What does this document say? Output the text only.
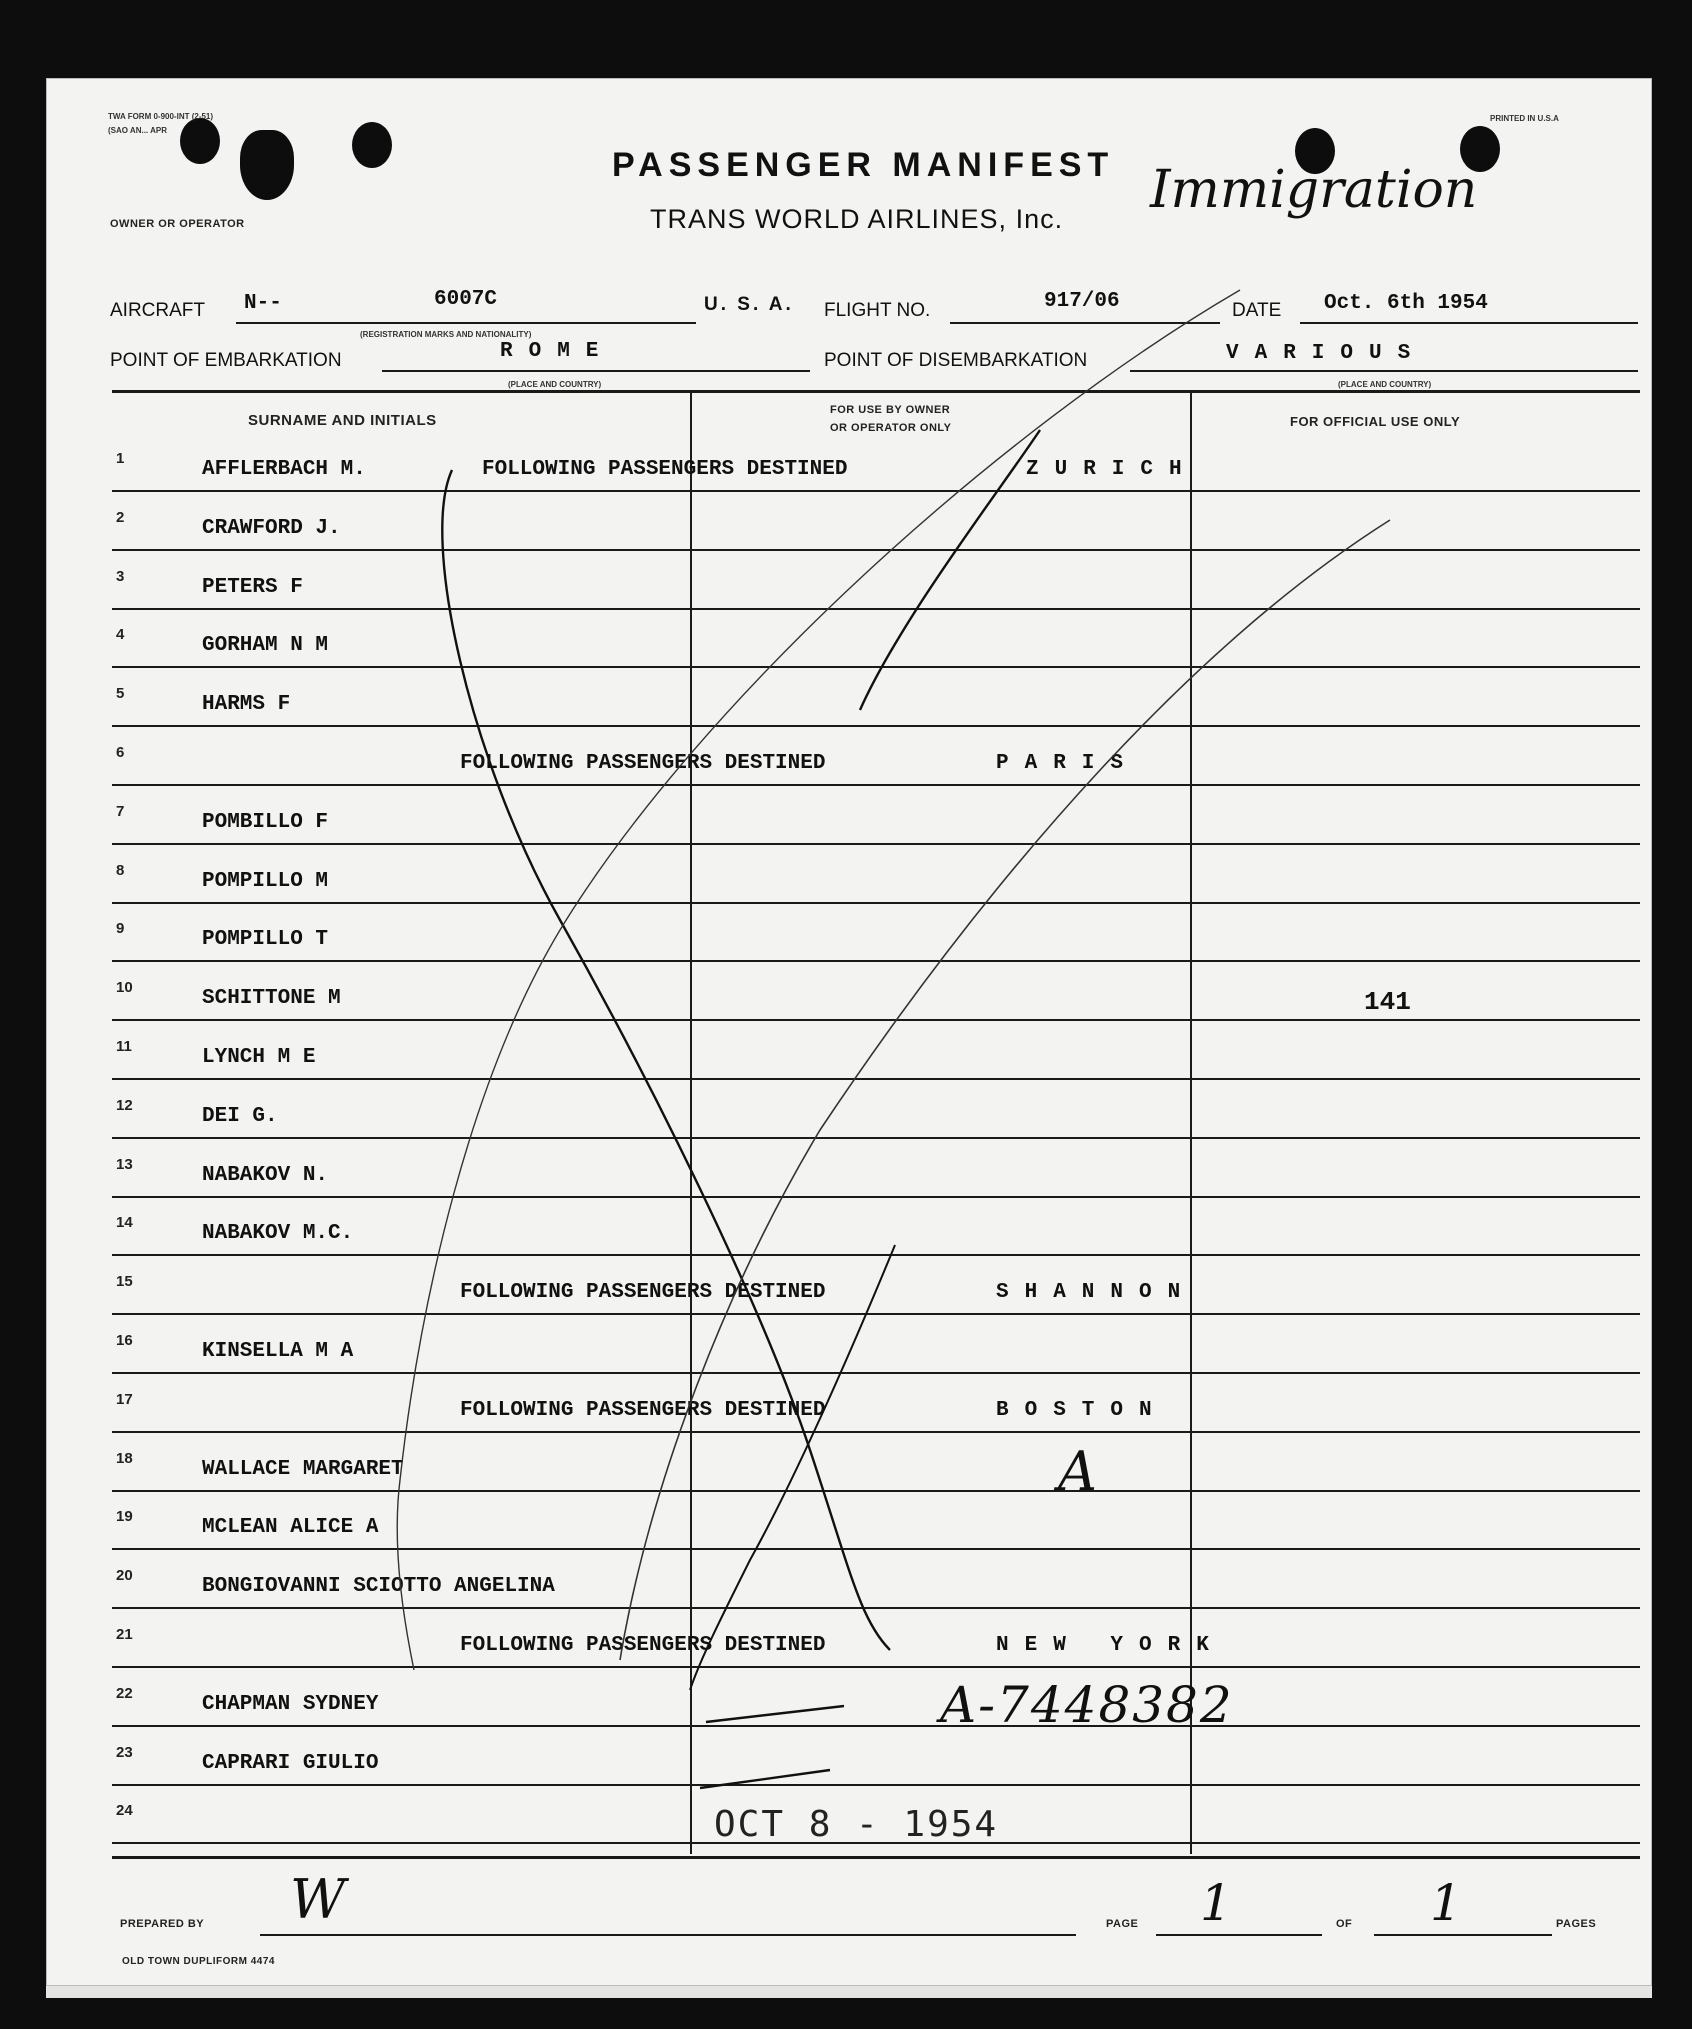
TWA FORM 0-900-INT (2-51)
(SAO AN... APR
PRINTED IN U.S.A
OWNER OR OPERATOR
PASSENGER MANIFEST
TRANS WORLD AIRLINES, Inc. Immigration
AIRCRAFT N--	6007C
(REGISTRATION MARKS AND NATIONALITY)
U. S. A. FLIGHT NO.	917/06	DATE Oct. 6th 1954
POINT OF EMBARKATION	ROME
(PLACE AND COUNTRY)
POINT OF DISEMBARKATION	VARIOUS
(PLACE AND COUNTRY)
SURNAME AND INITIALS
FOR USE BY OWNER
OR OPERATOR ONLY	FOR OFFICIAL USE ONLY
1	AFFLERBACH M.	FOLLOWING PASSENGERS DESTINED	ZURICH
2	CRAWFORD J.
3	PETERS F
4	GORHAM N M
5	HARMS F
6	FOLLOWING PASSENGERS DESTINED	PARIS
7	POMBILLO F
8	POMPILLO M
9	POMPILLO T
10	SCHITTONE M	141
11	LYNCH M E
12	DEI G.
13	NABAKOV N.
14	NABAKOV M.C.
15	FOLLOWING PASSENGERS DESTINED	SHANNON
16	KINSELLA M A
17	FOLLOWING PASSENGERS DESTINED	BOSTON
18	WALLACE MARGARET
19	MCLEAN ALICE A
20	BONGIOVANNI SCIOTTO ANGELINA
21	FOLLOWING PASSENGERS DESTINED	NEW YORK
22	CHAPMAN SYDNEY
23	CAPRARI GIULIO
24
A
A-7448382
OCT 8 - 1954
PREPARED BY W	PAGE 1	OF 1	PAGES
OLD TOWN DUPLIFORM 4474
